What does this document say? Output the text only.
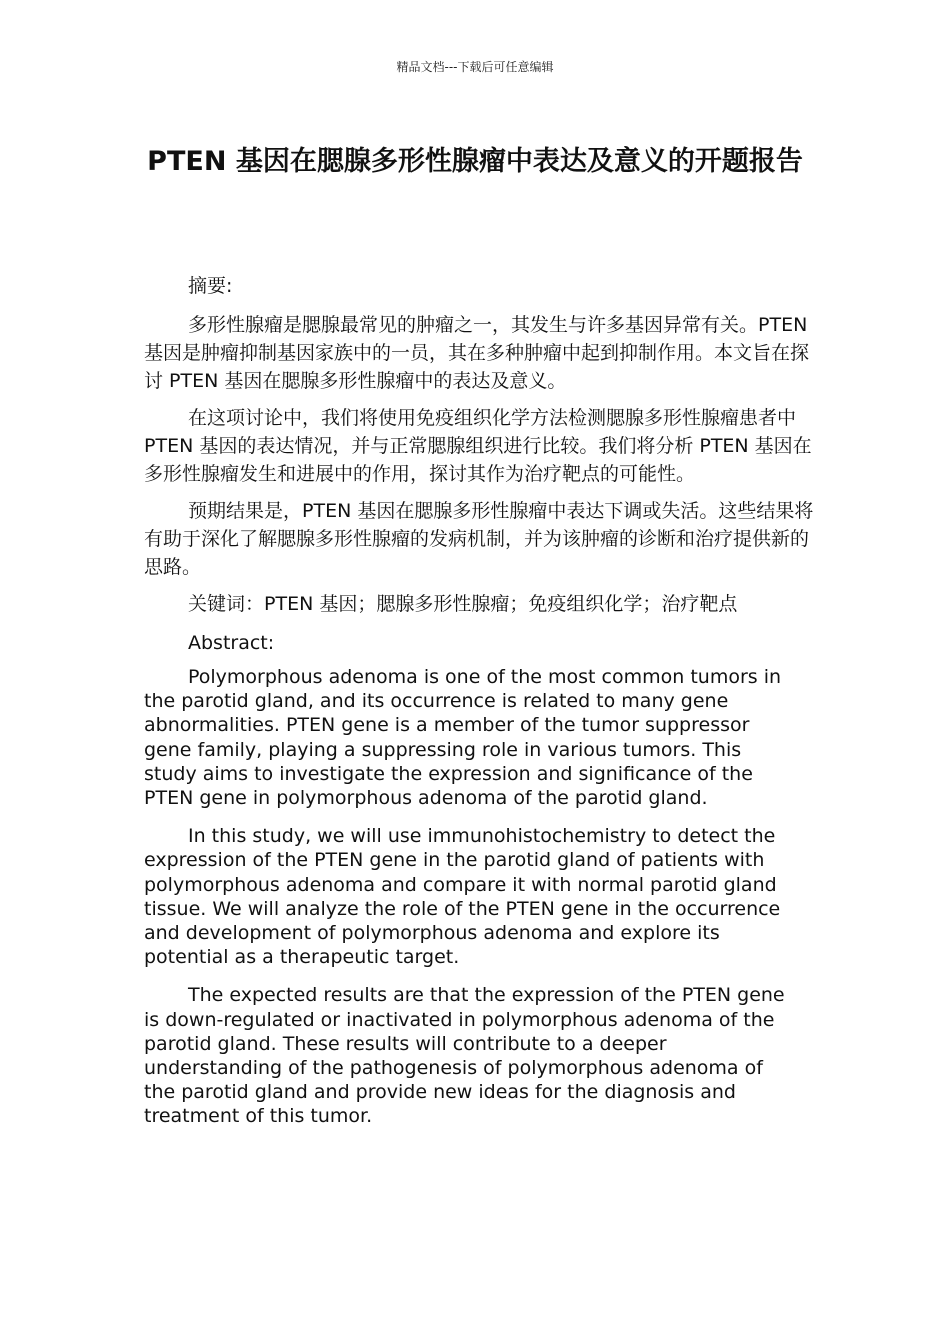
精品文档---下载后可任意编辑
PTEN 基因在腮腺多形性腺瘤中表达及意义的开题报告

摘要:

多形性腺瘤是腮腺最常见的肿瘤之一，其发生与许多基因异常有关。PTEN 基因是肿瘤抑制基因家族中的一员，其在多种肿瘤中起到抑制作用。本文旨在探讨 PTEN 基因在腮腺多形性腺瘤中的表达及意义。

在这项讨论中，我们将使用免疫组织化学方法检测腮腺多形性腺瘤患者中 PTEN 基因的表达情况，并与正常腮腺组织进行比较。我们将分析 PTEN 基因在多形性腺瘤发生和进展中的作用，探讨其作为治疗靶点的可能性。

预期结果是，PTEN 基因在腮腺多形性腺瘤中表达下调或失活。这些结果将有助于深化了解腮腺多形性腺瘤的发病机制，并为该肿瘤的诊断和治疗提供新的思路。

关键词：PTEN 基因；腮腺多形性腺瘤；免疫组织化学；治疗靶点

Abstract:

Polymorphous adenoma is one of the most common tumors in the parotid gland, and its occurrence is related to many gene abnormalities. PTEN gene is a member of the tumor suppressor gene family, playing a suppressing role in various tumors. This study aims to investigate the expression and significance of the PTEN gene in polymorphous adenoma of the parotid gland.

In this study, we will use immunohistochemistry to detect the expression of the PTEN gene in the parotid gland of patients with polymorphous adenoma and compare it with normal parotid gland tissue. We will analyze the role of the PTEN gene in the occurrence and development of polymorphous adenoma and explore its potential as a therapeutic target.

The expected results are that the expression of the PTEN gene is down-regulated or inactivated in polymorphous adenoma of the parotid gland. These results will contribute to a deeper understanding of the pathogenesis of polymorphous adenoma of the parotid gland and provide new ideas for the diagnosis and treatment of this tumor.
